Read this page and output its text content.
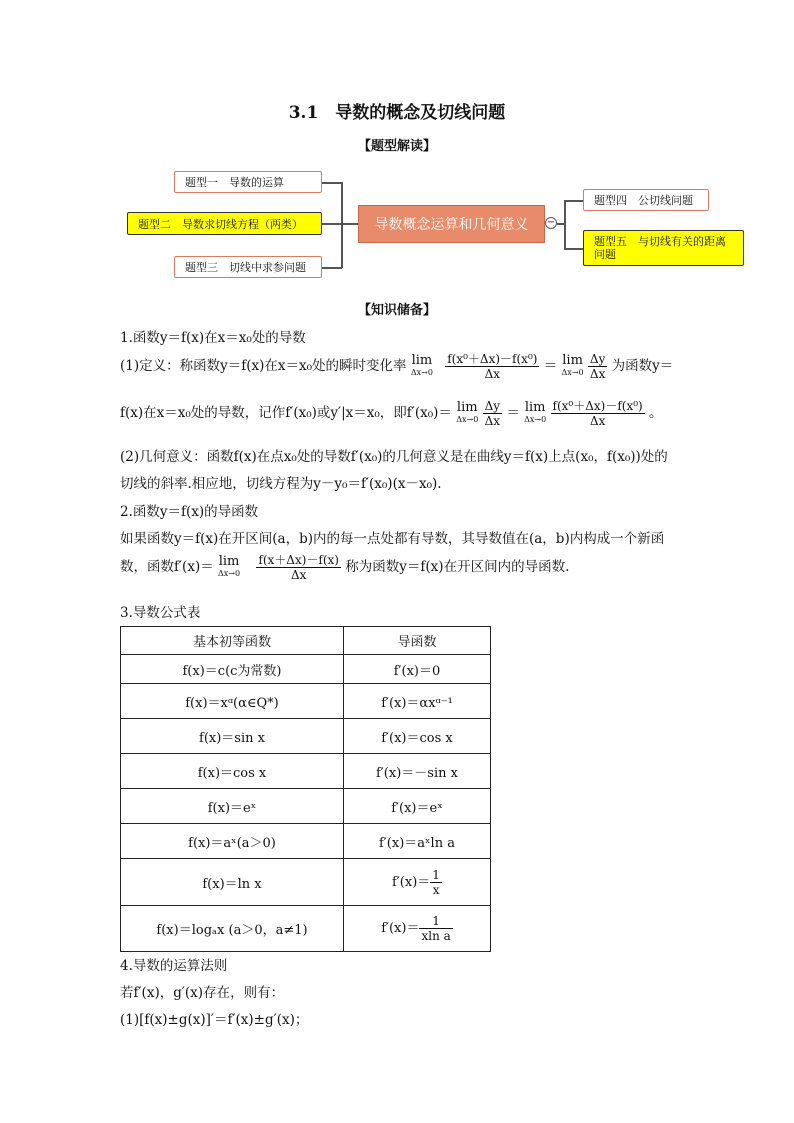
3.1　导数的概念及切线问题
【题型解读】
题型一　导数的运算
题型二　导数求切线方程（两类）
题型三　切线中求参问题
导数概念运算和几何意义	−
题型四　公切线问题
题型五　与切线有关的距离问题
【知识储备】
1.函数y＝f(x)在x＝x₀处的导数
(1)定义：称函数y＝f(x)在x＝x₀处的瞬时变化率 lim
Δx→0
$\frac{\text{f(x⁰＋Δx)－f(x⁰)}}{\Delta x} = \lim$
Δx→0
$\frac{\Delta y}{\Delta x}$ 为函数y＝
f(x)在x＝x₀处的导数，记作f′(x₀)或y′|x＝x₀，即f′(x₀)＝ lim
Δx→0
$\frac{\Delta y}{\Delta x} = \lim$
Δx→0
$\frac{\text{f(x⁰＋Δx)－f(x⁰)}}{\Delta x}$ 。
(2)几何意义：函数f(x)在点x₀处的导数f′(x₀)的几何意义是在曲线y＝f(x)上点(x₀，f(x₀))处的
切线的斜率.相应地，切线方程为y－y₀＝f′(x₀)(x－x₀).
2.函数y＝f(x)的导函数
如果函数y＝f(x)在开区间(a，b)内的每一点处都有导数，其导数值在(a，b)内构成一个新函
数，函数f′(x)＝ lim
Δx→0
$\frac{f(x+\Delta x)-f(x)}{\Delta x}$ 称为函数y＝f(x)在开区间内的导函数.
3.导数公式表
基本初等函数	导函数
f(x)＝c(c为常数)	f′(x)＝0
f(x)＝xᵅ(α∈Q*)	f′(x)＝αxᵅ⁻¹
f(x)＝sin x	f′(x)＝cos x
f(x)＝cos x	f′(x)＝－sin x
f(x)＝eˣ	f′(x)＝eˣ
f(x)＝aˣ(a＞0)	f′(x)＝aˣln a
f(x)＝ln x	$f'(x)= \frac{1}{x}$

f(x)＝logₐx (a＞0，a≠1)	$f'(x)= \frac{1}{\text{xln a}}$
4.导数的运算法则
若f′(x)，g′(x)存在，则有：
(1)[f(x)±g(x)]′＝f′(x)±g′(x)；
